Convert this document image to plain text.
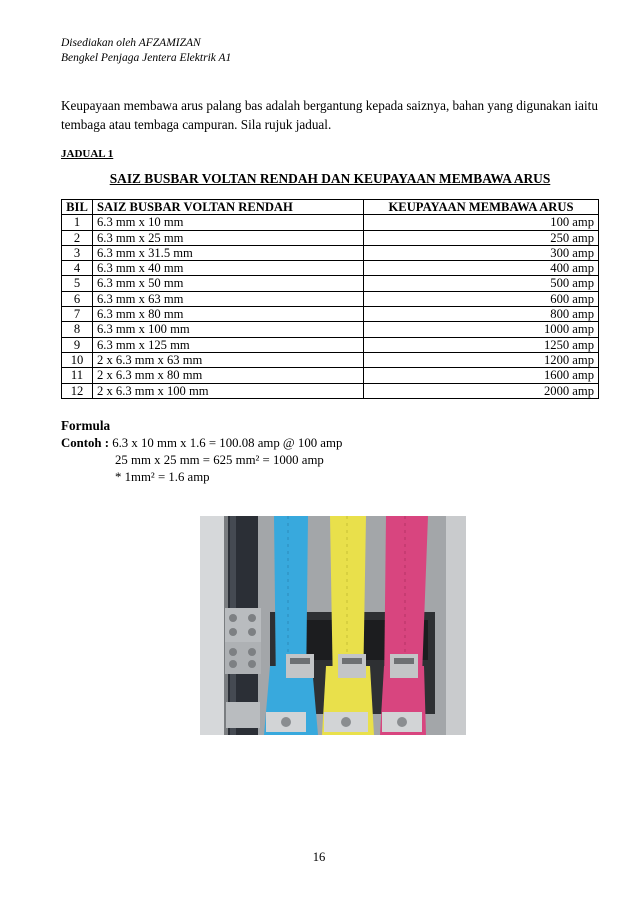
Disediakan oleh AFZAMIZAN
Bengkel Penjaga Jentera Elektrik A1
Keupayaan membawa arus palang bas adalah bergantung kepada saiznya, bahan yang digunakan iaitu tembaga atau tembaga campuran. Sila rujuk jadual.
JADUAL 1
SAIZ BUSBAR VOLTAN RENDAH DAN KEUPAYAAN MEMBAWA ARUS
BIL	SAIZ BUSBAR VOLTAN RENDAH	KEUPAYAAN MEMBAWA ARUS
1	6.3 mm x 10 mm	100 amp
2	6.3 mm x 25 mm	250 amp
3	6.3 mm x 31.5 mm	300 amp
4	6.3 mm x 40 mm	400 amp
5	6.3 mm x 50 mm	500 amp
6	6.3 mm x 63 mm	600 amp
7	6.3 mm x 80 mm	800 amp
8	6.3 mm x 100 mm	1000 amp
9	6.3 mm x 125 mm	1250 amp
10	2 x 6.3 mm x 63 mm	1200 amp
11	2 x 6.3 mm x 80 mm	1600 amp
12	2 x 6.3 mm x 100 mm	2000 amp
Formula
Contoh : 6.3 x 10 mm x 1.6 = 100.08 amp @ 100 amp
25 mm x 25 mm = 625 mm² = 1000 amp
* 1mm² = 1.6 amp
16
